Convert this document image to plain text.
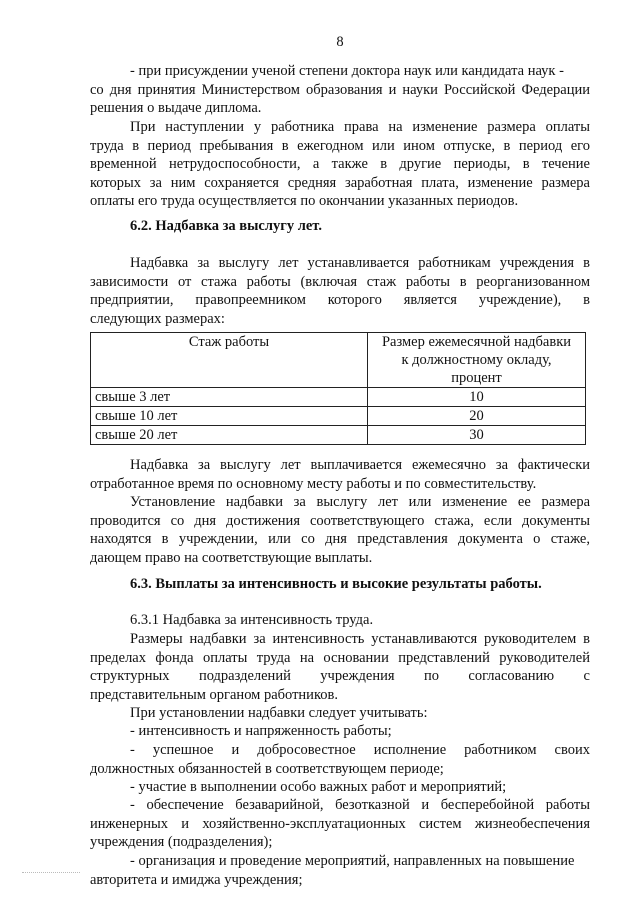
8
- при присуждении ученой степени доктора наук или кандидата наук -
со дня принятия Министерством образования и науки Российской Федерации
решения о выдаче диплома.
При наступлении у работника права на изменение размера оплаты
труда в период пребывания в ежегодном или ином отпуске, в период его
временной нетрудоспособности, а также в другие периоды, в течение
которых за ним сохраняется средняя заработная плата, изменение размера
оплаты его труда осуществляется по окончании указанных периодов.
6.2. Надбавка за выслугу лет.
Надбавка за выслугу лет устанавливается работникам учреждения в
зависимости от стажа работы (включая стаж работы в реорганизованном
предприятии, правопреемником которого является учреждение), в
следующих размерах:
Стаж работы	Размер ежемесячной надбавки
к должностному окладу,
процент

свыше 3 лет	10
свыше 10 лет	20
свыше 20 лет	30
Надбавка за выслугу лет выплачивается ежемесячно за фактически
отработанное время по основному месту работы и по совместительству.
Установление надбавки за выслугу лет или изменение ее размера
проводится со дня достижения соответствующего стажа, если документы
находятся в учреждении, или со дня представления документа о стаже,
дающем право на соответствующие выплаты.
6.3. Выплаты за интенсивность и высокие результаты работы.
6.3.1 Надбавка за интенсивность труда.
Размеры надбавки за интенсивность устанавливаются руководителем в
пределах фонда оплаты труда на основании представлений руководителей
структурных подразделений учреждения по согласованию с
представительным органом работников.
При установлении надбавки следует учитывать:
- интенсивность и напряженность работы;
- успешное и добросовестное исполнение работником своих
должностных обязанностей в соответствующем периоде;
- участие в выполнении особо важных работ и мероприятий;
- обеспечение безаварийной, безотказной и бесперебойной работы
инженерных и хозяйственно-эксплуатационных систем жизнеобеспечения
учреждения (подразделения);
- организация и проведение мероприятий, направленных на повышение
авторитета и имиджа учреждения;
